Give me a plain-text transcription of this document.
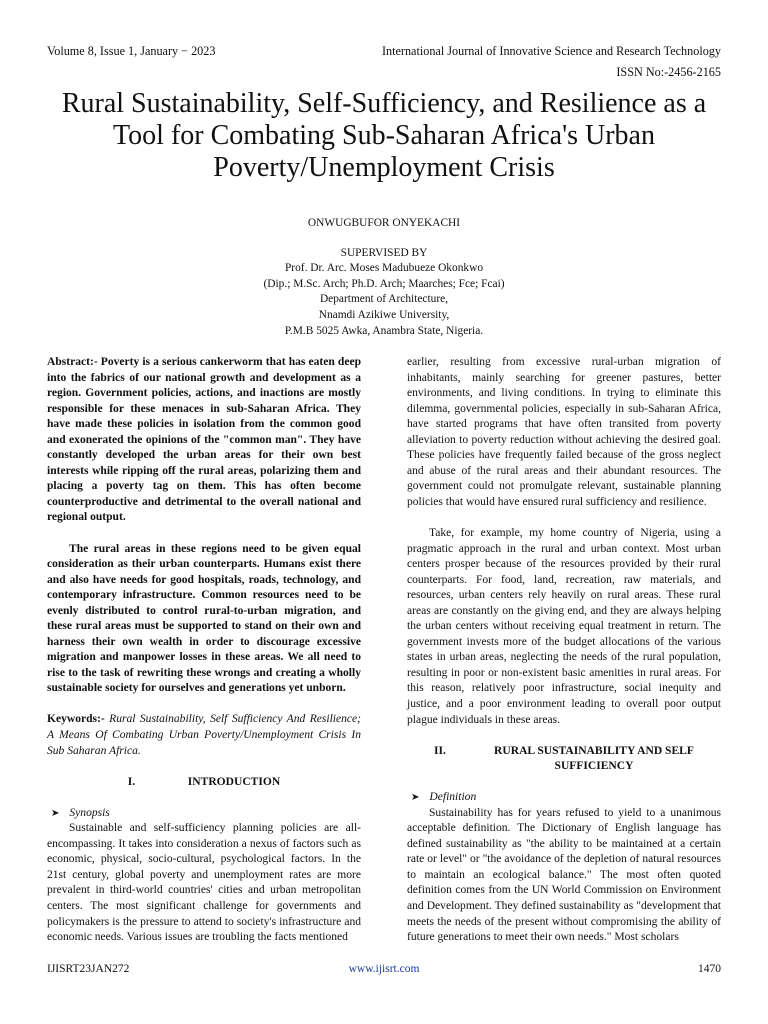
Volume 8, Issue 1, January − 2023	International Journal of Innovative Science and Research Technology
ISSN No:-2456-2165
Rural Sustainability, Self-Sufficiency, and Resilience as a Tool for Combating Sub-Saharan Africa's Urban Poverty/Unemployment Crisis
ONWUGBUFOR ONYEKACHI
SUPERVISED BY
Prof. Dr. Arc. Moses Madubueze Okonkwo
(Dip.; M.Sc. Arch; Ph.D. Arch; Maarches; Fce; Fcai)
Department of Architecture,
Nnamdi Azikiwe University,
P.M.B 5025 Awka, Anambra State, Nigeria.

Abstract:- Poverty is a serious cankerworm that has eaten deep into the fabrics of our national growth and development as a region. Government policies, actions, and inactions are mostly responsible for these menaces in sub-Saharan Africa. They have made these policies in isolation from the common good and exonerated the opinions of the "common man". They have constantly developed the urban areas for their own best interests while ripping off the rural areas, polarizing them and placing a poverty tag on them. This has often become counterproductive and detrimental to the overall national and regional output.

The rural areas in these regions need to be given equal consideration as their urban counterparts. Humans exist there and also have needs for good hospitals, roads, technology, and contemporary infrastructure. Common resources need to be evenly distributed to control rural-to-urban migration, and these rural areas must be supported to stand on their own and harness their own wealth in order to discourage excessive migration and manpower losses in these areas. We all need to rise to the task of rewriting these wrongs and creating a wholly sustainable society for ourselves and generations yet unborn.

Keywords:- Rural Sustainability, Self Sufficiency And Resilience; A Means Of Combating Urban Poverty/Unemployment Crisis In Sub Saharan Africa.

I.	INTRODUCTION
➤ Synopsis

Sustainable and self-sufficiency planning policies are all-encompassing. It takes into consideration a nexus of factors such as economic, physical, socio-cultural, psychological factors. In the 21st century, global poverty and unemployment rates are more prevalent in third-world countries' cities and urban metropolitan centers. The most significant challenge for governments and policymakers is the pressure to attend to society's infrastructure and economic needs. Various issues are troubling the facts mentioned

earlier, resulting from excessive rural-urban migration of inhabitants, mainly searching for greener pastures, better environments, and living conditions. In trying to eliminate this dilemma, governmental policies, especially in sub-Saharan Africa, have started programs that have often transited from poverty alleviation to poverty reduction without achieving the desired goal. These policies have frequently failed because of the gross neglect and abuse of the rural areas and their abundant resources. The government could not promulgate relevant, sustainable planning policies that would have ensured rural sufficiency and resilience.

Take, for example, my home country of Nigeria, using a pragmatic approach in the rural and urban context. Most urban centers prosper because of the resources provided by their rural counterparts. For food, land, recreation, raw materials, and resources, urban centers rely heavily on rural areas. These rural areas are constantly on the giving end, and they are always helping the urban centers without receiving equal treatment in return. The government invests more of the budget allocations of the various states in urban areas, neglecting the needs of the rural population, resulting in poor or non-existent basic amenities in rural areas. For this reason, relatively poor infrastructure, social inequity and justice, and a poor environment leading to overall poor output plague individuals in these areas.

II.	RURAL SUSTAINABILITY AND SELF
SUFFICIENCY
➤ Definition

Sustainability has for years refused to yield to a unanimous acceptable definition. The Dictionary of English language has defined sustainability as "the ability to be maintained at a certain rate or level" or "the avoidance of the depletion of natural resources to maintain an ecological balance." The most often quoted definition comes from the UN World Commission on Environment and Development. They defined sustainability as "development that meets the needs of the present without compromising the ability of future generations to meet their own needs." Most scholars

IJISRT23JAN272	www.ijisrt.com	1470
